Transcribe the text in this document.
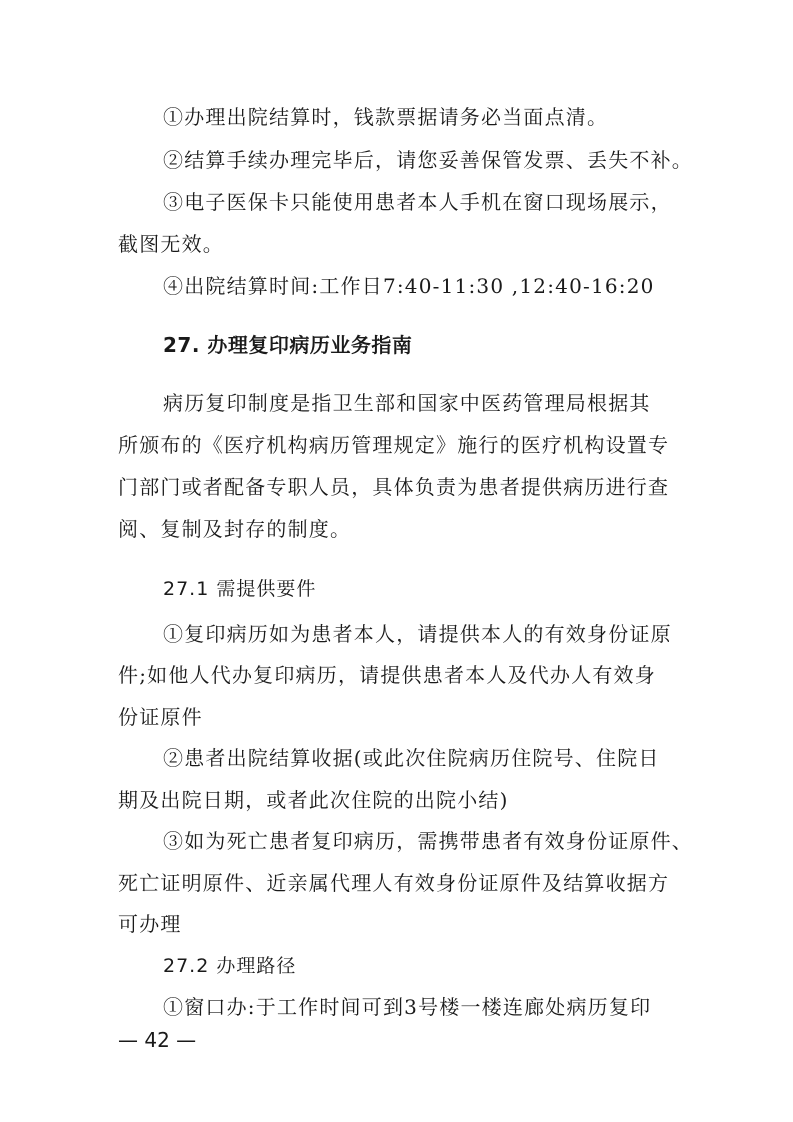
①办理出院结算时，钱款票据请务必当面点清。
②结算手续办理完毕后，请您妥善保管发票、丢失不补。
③电子医保卡只能使用患者本人手机在窗口现场展示，
截图无效。
④出院结算时间:工作日7:40-11:30 ,12:40-16:20
27. 办理复印病历业务指南
病历复印制度是指卫生部和国家中医药管理局根据其
所颁布的《医疗机构病历管理规定》施行的医疗机构设置专
门部门或者配备专职人员，具体负责为患者提供病历进行查
阅、复制及封存的制度。
27.1 需提供要件
①复印病历如为患者本人，请提供本人的有效身份证原
件;如他人代办复印病历，请提供患者本人及代办人有效身
份证原件
②患者出院结算收据(或此次住院病历住院号、住院日
期及出院日期，或者此次住院的出院小结)
③如为死亡患者复印病历，需携带患者有效身份证原件、
死亡证明原件、近亲属代理人有效身份证原件及结算收据方
可办理
27.2 办理路径
①窗口办:于工作时间可到3号楼一楼连廊处病历复印
— 42 —
